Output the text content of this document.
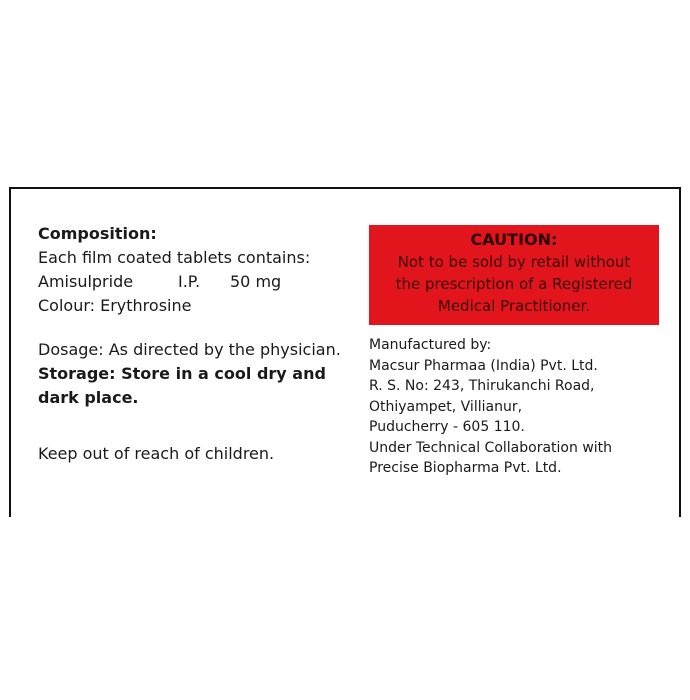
Composition:
Each film coated tablets contains:
Amisulpride	I.P. 50 mg
Colour: Erythrosine
Dosage: As directed by the physician.
Storage: Store in a cool dry and
dark place.
Keep out of reach of children.
CAUTION:
Not to be sold by retail without
the prescription of a Registered
Medical Practitioner.
Manufactured by:
Macsur Pharmaa (India) Pvt. Ltd.
R. S. No: 243, Thirukanchi Road,
Othiyampet, Villianur,
Puducherry - 605 110.
Under Technical Collaboration with
Precise Biopharma Pvt. Ltd.
